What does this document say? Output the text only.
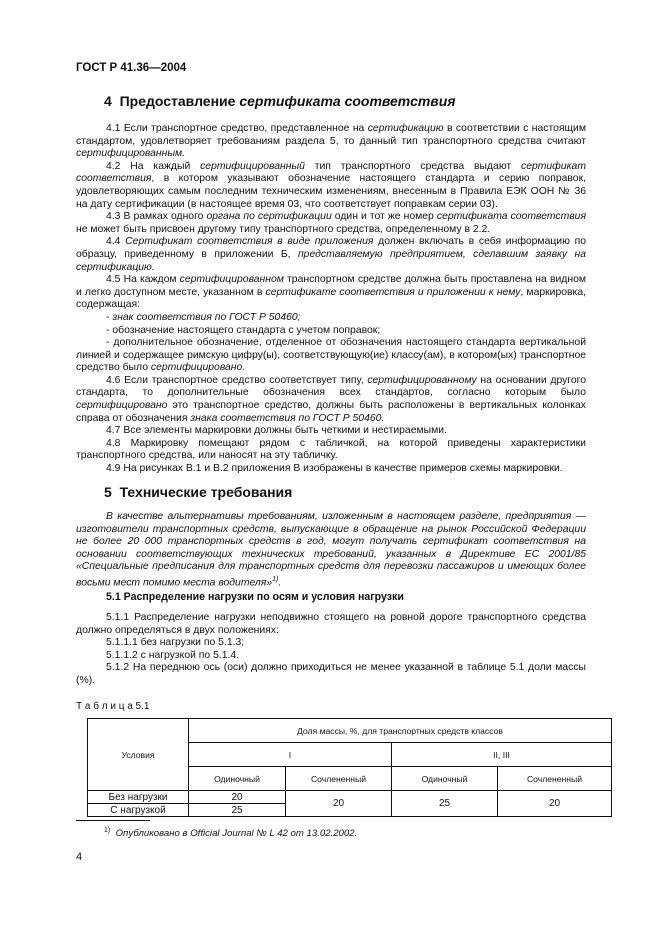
ГОСТ Р 41.36—2004
4 Предоставление сертификата соответствия

4.1 Если транспортное средство, представленное на сертификацию в соответствии с настоящим стандартом, удовлетворяет требованиям раздела 5, то данный тип транспортного средства считают сертифицированным.

4.2 На каждый сертифицированный тип транспортного средства выдают сертификат соответствия, в котором указывают обозначение настоящего стандарта и серию поправок, удовлетворяющих самым последним техническим изменениям, внесенным в Правила ЕЭК ООН № 36 на дату сертификации (в настоящее время 03, что соответствует поправкам серии 03).

4.3 В рамках одного органа по сертификации один и тот же номер сертификата соответствия не может быть присвоен другому типу транспортного средства, определенному в 2.2.

4.4 Сертификат соответствия в виде приложения должен включать в себя информацию по образцу, приведенному в приложении Б, представляемую предприятием, сделавшим заявку на сертификацию.

4.5 На каждом сертифицированном транспортном средстве должна быть проставлена на видном и легко доступном месте, указанном в сертификате соответствия и приложении к нему, маркировка, содержащая:

- знак соответствия по ГОСТ Р 50460;

- обозначение настоящего стандарта с учетом поправок;

- дополнительное обозначение, отделенное от обозначения настоящего стандарта вертикальной линией и содержащее римскую цифру(ы), соответствующую(ие) классу(ам), в котором(ых) транспортное средство было сертифицировано.

4.6 Если транспортное средство соответствует типу, сертифицированному на основании другого стандарта, то дополнительные обозначения всех стандартов, согласно которым было сертифицировано это транспортное средство, должны быть расположены в вертикальных колонках справа от обозначения знака соответствия по ГОСТ Р 50460.

4.7 Все элементы маркировки должны быть четкими и нестираемыми.

4.8 Маркировку помещают рядом с табличкой, на которой приведены характеристики транспортного средства, или наносят на эту табличку.

4.9 На рисунках В.1 и В.2 приложения В изображены в качестве примеров схемы маркировки.

5 Технические требования

В качестве альтернативы требованиям, изложенным в настоящем разделе, предприятия — изготовители транспортных средств, выпускающие в обращение на рынок Российской Федерации не более 20 000 транспортных средств в год, могут получать сертификат соответствия на основании соответствующих технических требований, указанных в Директиве ЕС 2001/85 «Специальные предписания для транспортных средств для перевозки пассажиров и имеющих более восьми мест помимо места водителя»$^{1)}$.

5.1 Распределение нагрузки по осям и условия нагрузки

5.1.1 Распределение нагрузки неподвижно стоящего на ровной дороге транспортного средства должно определяться в двух положениях:

5.1.1.1 без нагрузки по 5.1.3;

5.1.1.2 с нагрузкой по 5.1.4.

5.1.2 На переднюю ось (оси) должно приходиться не менее указанной в таблице 5.1 доли массы (%).

Т а б л и ц а 5.1
Условия	Доля массы, %, для транспортных средств классов			
	I		II, III	
	Одиночный	Сочлененный	Одиночный	Сочлененный
Без нагрузки	20	20	25	20
С нагрузкой	25			
$^{1)}$ Опубликовано в Official Journal № L 42 от 13.02.2002.
4
